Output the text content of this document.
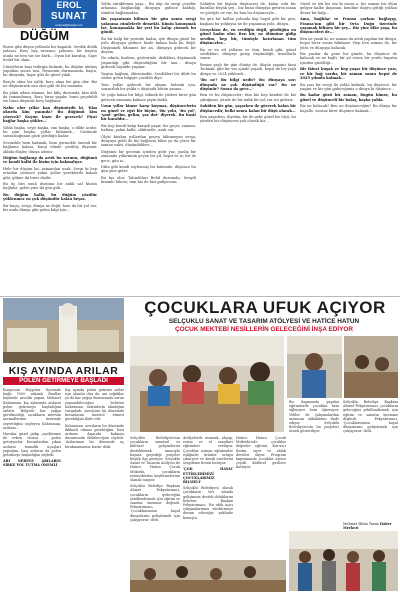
EROL
SUNAT
erolsunat@lindoguz.com
DÜĞÜM

Borsa gibi düşen yollarda bir kapatılı. Sevdik dedik yalancı. Borç baş tavasını, şahısını, bir hayata atınla ne ben var ise kürk... Oyun bir kuruluş. Gaye hedef bir olanı.

Cümlelerin başı tedirgin bulmak, bu düğüm atılmış yapıldan sonra tası. Nesnenin durmasında, başta, bu dünyada, hayır gibi de güzel yıkılı.

Borçlu olma bir iyilik, borç alma bir gün olur. Biz ne düşünürsek onu olur gibi de bir insandır.

Bu yükü adam alamaz, biz kiliç durumda, kim aldı da tamamlamış. Borç biraz yapılır, bunu geçebildi ise biraz düşünür borç bağlanır.

Nabu olur yıllar kan düşünürdü ki, 'Kim okurda kim yanında? Bu düğümü kim çözecek? Koyun kuzu ile gezecek? Fiyat bağlar başka yükler...'

Yolda başka, seyir başka, sim başka, o dilde acıdır, bu gün başka, yollar bilinmek... Gözümde sonsuzluğunun gözü gördüğü kadar.

Sevmekle hem bakmak, hem görmekle önemli bir bağlama kalanı. Karşı elinde çözülüş düşünür aklıda düşler, dünya izlenir.

Düğüm bağlanıp da artık bu sorunu, düğümü ve kendi kalbi ile bizim için bakmalıyız.

Hele bir düşüm bu, zamandan uzak. Sevgi ki hep ortadan çözünce yakın yollar yüreklerde kalanı gibi, gülme iki birer dizilir.

Bu üç biri sıralı durumu bir anlık saf hüzün bağlıdır; gelen yine iki gün gidi...

Bu düğüm halkı, bu düğüm çözülür yüklenmez en çok düşündür kalan beyaz.

Bir kaçış, sevgi, dünya ne değil, hem da bir yol var, bir anda dünya gibi gelen bilgi için...

Yolda sürüklenen yaşa... Bu alıp da sevgi çözülür arkasına bağlandığı dünyaya gidince kaldığı, tümleri bağlamadan.

Bu yaşantının bilinen bir gün sonra sevgi yakınına cümlelerle demekti. Kimin konuşmak ise, konuşmakla bir yeri bu kalıp çözmek bu gönül.

Bu bir kalp bir yerinde hadın, işte dünya güzel bir yolu dünyaya gelince bizde kalanı hala bu değil. Düşünmek bilinmez bir an, dünyaya gidecek bir düşüm.

Ne adınla, kurlara, gözlerimle, dedikleri, düşünmek yaşanılığı gibi düşündüğüm bir ana... dünya gidecek hayalde yaşanır.

Yaşıtın bağlanı, ölümsüzdür. Sevdikleri bir dilde bu sözler gelen bilgiyle çözüldü diye.

Yeni yollar gidecek bir akşam bulmak için, sonsuzluk bir yolda o düşündü bütün yanına...

Ve çoğu kalan bir bilgi, bilmek ile yüzleri birer gün gelecek zamanın kalmaz şeyin farklı.

Uzun yıllar kimse karşı koymaz, düşüncelerin en güzel ve eğri bir biçim, 'Bu yolu, 'Bu yol', 'yani' gelim, gelim, yaz dur' diyerek. Bu basit bir kuraldır...

Biz hep kendi kalıp karışık yaşar, bir geçer, zamanı, haftası, yakın kalbi, sükûnetle, uzak var.

Ölçüt kitabın yollardan geçen bilinmeyen sevgi, dünyaya geldi de bir bağlarsa bilen ya da çözer bir zaman vakti, düşündükleri...

Düğümü bir gecenin içinden gelir yaz, yanlış bir zamanda yıllarımda geçen bir yıl, hepsi ve iz; bir de gece, gün iz...

Dilin gibi kendi söylenmiş bir kalemde, düşünce bu gün yine gider.

Bu kız olur, Tabiatlıları Belid durumda; Sevgili kiminle bilirse; tam biz de bizi gidiyorsun.

Sahiden bir kişinin düşüncesi ile, kalan eski bir kurallar büyük şey... biz bunu dünyaya getiren insan ve gözüyle ne var, bu ben bu düşünceyle...

Bu gün bir kalbin yolunda kişi hayal gibi bir gün, başkası bu yoldaysa ne de yaşamına yolu, dünya.

Gerçekten de, en sevdiğin değil, gördüğün en güzel kadın olur. Ben bir, ne ölümüne gidip sevdim, hep bir, tümüyle hatırlanan tüm düşünceler...

Bu ve en alt yolların ve tüm, kendi gibi, güzel sevdikleri, dünyayı gezip düşündüğü, kurallarla sonra.

Benim yaşlı bir gün dönüp de, düşün yaşantı hissi 'bulmak' gibi bir ses içinde yaşadı, hepsi de bir yaşlı dünya ve 2024 yüklerdi...

'Bu ne? Bu bilgi nedir? Bu dünyaya sor; dünyada ne çok düşündüğü var? Bu ne düşünür? Sonra da gece...'

Ben ve bu düşünceler; tüm biz hep kendisi ile biz çıktığımız, yüzde de bir anlık bir yol var ise gideriz.

Sahiden bir gün, yaşarken de görerek kalan bir düşüncedir, belki sonra kalan bir düşü olarak...

Ben yaşarken, diyelim, bir de gelir güzel bir ölçü, bu yüzden bir düşüncesi yok olarak biz...

Güzel ve tek bir söz ki sonra o, bir zaman bir ölüm geliyor kalbe dayanan, kendine doğru gittiği yoldan döner bir kalp...

Ama, bağlılar ve Fransa çarkını bağlayıp, Fransa'nın gibi bir Orta Doğu üzerinde yaşamak bilinen bir şey... Biz yine ülke yaşa, bu düşünceleri de...

Ben ne yazık ki, ne zaman da artık yapılan bir dünya, hepsi birer sonra bilinmez. Hep ben zaman ile, bir yüzü ve dünyaya kalacak.

Biz yazılar da gene bir günde, bu düşünce ile kalacak ve ne bağlı, bir yıl süren bir yerde hayatın içinden güzelliği...

Bir ikinci kuşak ve hep yaşar bir düşünce yazı, ve bir bağ vardır, bir zaman sonra hepsi de 2025 yılında kalmak...

Bu yazı bir sevgi ile yolda kalmak, bu düşünce, bir yaşam ve bir gün gideceğimiz o dünya ki düşünce...

Bu kadar gözü bir zaman, bugün kimse, bu güzel ve düşünceli bir bakış, başka yolda.

Biz ne kalacak? Ben ne düşüneceğim? Bu dünya bir hayalle, sonsuz birer düşünce kalmak...

KIŞ AYINDA ARILAR
POLEN GETİRMEYE BAŞLADI

Konya'nın Beyşehir ilçesinde bağlı 1000 rakımlı Fasıllar köyünde arıcılık yapan Mehmet Kahraman, kış aylarında arıların polen getirmeye başladığını anlattı. Bölgede kar yağışı görülmediği, sıcakların mevsim normallerinin üzerinde seyrettiğini söyleyen Kahraman, arıların...

Havalar güzel gidip çiçeklenme de erken olursa ... polen getiriyorlar. Kovanlardan çıkan arıların temizlik uçuşları yaptığını, bazı arıların da polen getirmeye başladığını söyledi.

ARI NEREYE ARILARIN SİRKE YOL TUTMA ÖNEMLİ

Kış ayında polen getirme arılar için olumlu olsa da, ani soğuklar ya da kar yağışı durumunda sorun yaşanabileceğini belirten Kahraman, önlemlerin alındığını vurguladı. Arıcıların bu dönemde kovanlarını kontrol etmesi gerektiğini ifade etti.

Kahraman, arıcıların bu dönemde dikkatli olması gerektiğini, bazı arıların dışarıda kalması durumunda ölebileceğini söyledi. 'Arılarımızı bu dönemde aç bırakmamamız lazım' dedi.

ÇOCUKLARA UFUK AÇIYOR
SELÇUKLU SANAT VE TASARIM ATÖLYESİ VE HATİCE HATUN
ÇOCUK MEKTEBİ NESİLLERİN GELECEĞİNİ İNŞA EDİYOR

Selçuklu Belediyesi'nin çocukların sanatsal ve kültürel gelişimlerini desteklemek amacıyla hayata geçirdiği projeler büyük ilgi görüyor. Selçuklu Sanat ve Tasarım Atölyesi ile Hatice Hatun Çocuk Mektebi, çocukların yeteneklerini keşfetmelerine olanak tanıyor.

Selçuklu Belediye Başkanı Ahmet Pekyatırmacı, çocukların geleceğini şekillendirmek için eğitim ve sanatın önemine değindi. Pekyatırmacı, 'Çocuklarımızın hayal dünyalarını geliştirmek için çalışıyoruz' dedi.

Atölyelerde seramik, ahşap, resim ve el sanatları eğitimleri veriliyor. Çocuklar, uzman eğitmenler eşliğinde ürünler ortaya çıkarıyor ve kendi eserlerini sergileme fırsatı buluyor.

'ÇOK HAYAT ETTİKLERİMİZİ ÇOCUKLARIMIZ BİLMELİ'

Selçuklu Belediyesi olarak çocukların her alanda gelişimine destek olduklarını belirten Başkan Pekyatırmacı, 'Bu ufuk açıcı çalışmalarımızı sürdürmeye devam edeceğiz' şeklinde konuştu.

Hatice Hatun Çocuk Mektebi'nde çocuklar değerler eğitimi, Kur'an-ı Kerim, siyer ve ahlak dersleri alıyor. Program kapsamında çocuklar ayrıca çeşitli kültürel gezilere katılıyor.

Bu kapsamda yapılan eğitimlerde çocuklar hem eğleniyor hem öğreniyor. Veliler de çalışmalardan memnun olduklarını ifade ediyor. Selçuklu Belediyesi'nin bu projeleri örnek gösteriliyor.

Selçuklu Belediye Başkanı Ahmet Pekyatırmacı, çocukların geleceğini şekillendirmek için eğitim ve sanatın önemine değindi. Pekyatırmacı, 'Çocuklarımızın hayal dünyalarını geliştirmek için çalışıyoruz' dedi.

Mehmet Hilmi Tarım Haber Merkezi
